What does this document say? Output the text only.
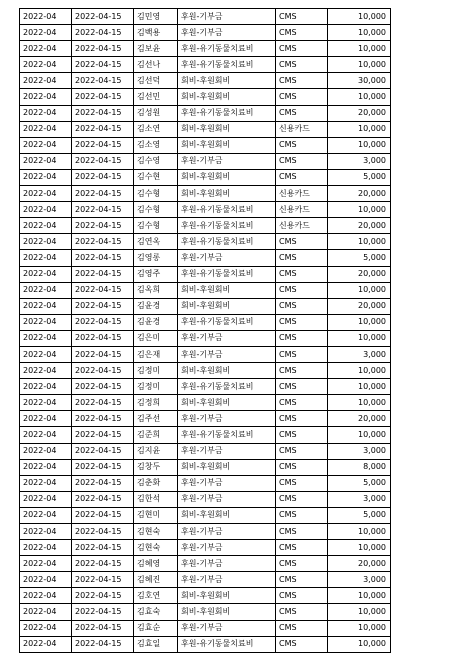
2022-04	2022-04-15	김민영	후원-기부금	CMS	10,000
2022-04	2022-04-15	김백용	후원-기부금	CMS	10,000
2022-04	2022-04-15	김보윤	후원-유기동물치료비	CMS	10,000
2022-04	2022-04-15	김선나	후원-유기동물치료비	CMS	10,000
2022-04	2022-04-15	김선덕	회비-후원회비	CMS	30,000
2022-04	2022-04-15	김선민	회비-후원회비	CMS	10,000
2022-04	2022-04-15	김성원	후원-유기동물치료비	CMS	20,000
2022-04	2022-04-15	김소연	회비-후원회비	신용카드	10,000
2022-04	2022-04-15	김소영	회비-후원회비	CMS	10,000
2022-04	2022-04-15	김수영	후원-기부금	CMS	3,000
2022-04	2022-04-15	김수현	회비-후원회비	CMS	5,000
2022-04	2022-04-15	김수형	회비-후원회비	신용카드	20,000
2022-04	2022-04-15	김수형	후원-유기동물치료비	신용카드	10,000
2022-04	2022-04-15	김수형	후원-유기동물치료비	신용카드	20,000
2022-04	2022-04-15	김연옥	후원-유기동물치료비	CMS	10,000
2022-04	2022-04-15	김영롱	후원-기부금	CMS	5,000
2022-04	2022-04-15	김영주	후원-유기동물치료비	CMS	20,000
2022-04	2022-04-15	김옥희	회비-후원회비	CMS	10,000
2022-04	2022-04-15	김윤경	회비-후원회비	CMS	20,000
2022-04	2022-04-15	김윤경	후원-유기동물치료비	CMS	10,000
2022-04	2022-04-15	김은미	후원-기부금	CMS	10,000
2022-04	2022-04-15	김은재	후원-기부금	CMS	3,000
2022-04	2022-04-15	김정미	회비-후원회비	CMS	10,000
2022-04	2022-04-15	김정미	후원-유기동물치료비	CMS	10,000
2022-04	2022-04-15	김정희	회비-후원회비	CMS	10,000
2022-04	2022-04-15	김주선	후원-기부금	CMS	20,000
2022-04	2022-04-15	김준희	후원-유기동물치료비	CMS	10,000
2022-04	2022-04-15	김지윤	후원-기부금	CMS	3,000
2022-04	2022-04-15	김창두	회비-후원회비	CMS	8,000
2022-04	2022-04-15	김춘화	후원-기부금	CMS	5,000
2022-04	2022-04-15	김한석	후원-기부금	CMS	3,000
2022-04	2022-04-15	김현미	회비-후원회비	CMS	5,000
2022-04	2022-04-15	김현숙	후원-기부금	CMS	10,000
2022-04	2022-04-15	김현숙	후원-기부금	CMS	10,000
2022-04	2022-04-15	김혜영	후원-기부금	CMS	20,000
2022-04	2022-04-15	김혜진	후원-기부금	CMS	3,000
2022-04	2022-04-15	김호연	회비-후원회비	CMS	10,000
2022-04	2022-04-15	김효숙	회비-후원회비	CMS	10,000
2022-04	2022-04-15	김효순	후원-기부금	CMS	10,000
2022-04	2022-04-15	김효일	후원-유기동물치료비	CMS	10,000
